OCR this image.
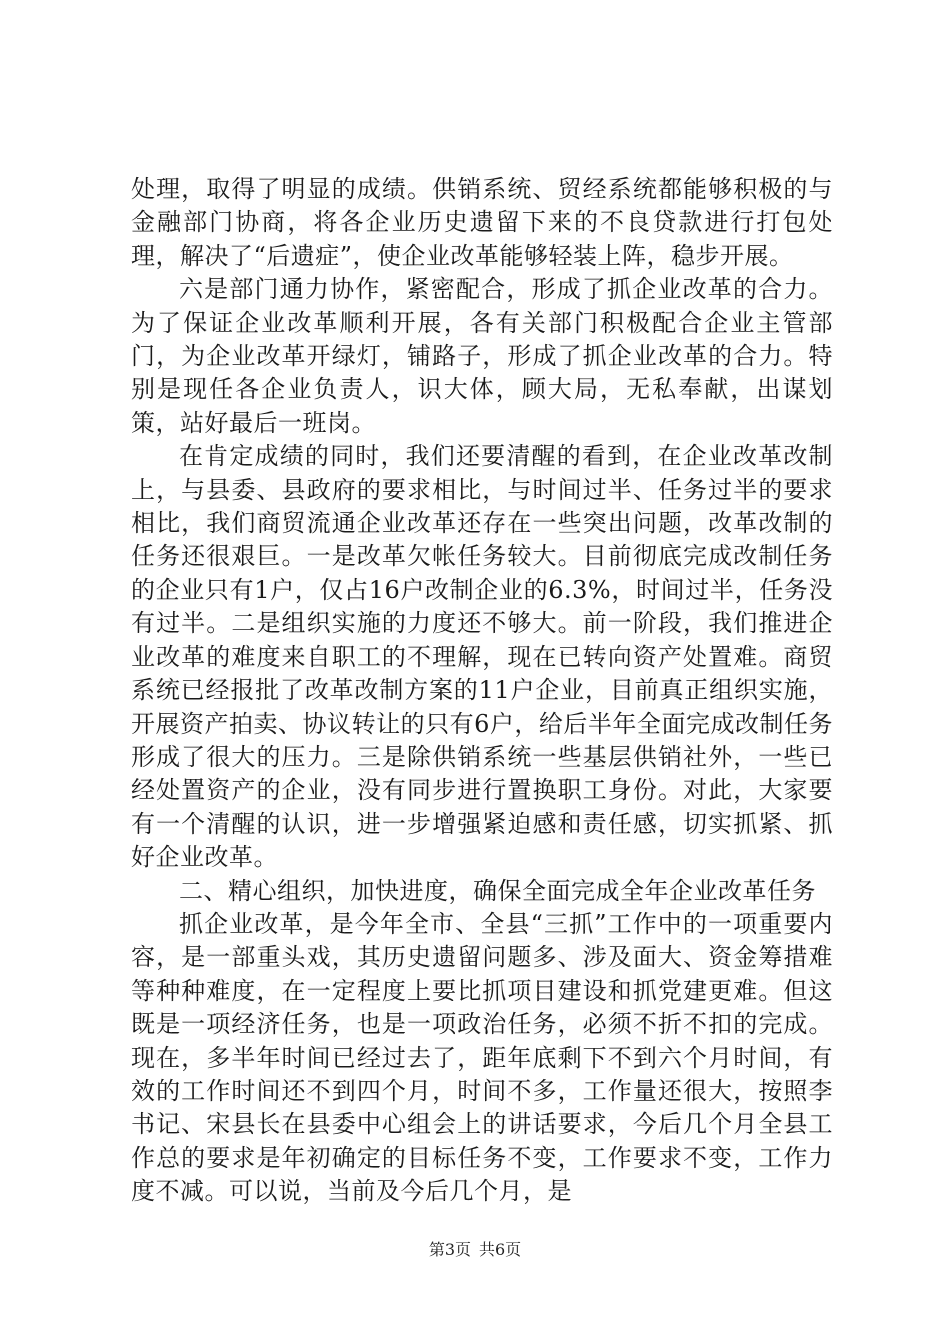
处理，取得了明显的成绩。供销系统、贸经系统都能够积极的与金融部门协商，将各企业历史遗留下来的不良贷款进行打包处理，解决了“后遗症”，使企业改革能够轻装上阵，稳步开展。

六是部门通力协作，紧密配合，形成了抓企业改革的合力。为了保证企业改革顺利开展，各有关部门积极配合企业主管部门，为企业改革开绿灯，铺路子，形成了抓企业改革的合力。特别是现任各企业负责人，识大体，顾大局，无私奉献，出谋划策，站好最后一班岗。

在肯定成绩的同时，我们还要清醒的看到，在企业改革改制上，与县委、县政府的要求相比，与时间过半、任务过半的要求相比，我们商贸流通企业改革还存在一些突出问题，改革改制的任务还很艰巨。一是改革欠帐任务较大。目前彻底完成改制任务的企业只有1户，仅占16户改制企业的6.3%，时间过半，任务没有过半。二是组织实施的力度还不够大。前一阶段，我们推进企业改革的难度来自职工的不理解，现在已转向资产处置难。商贸系统已经报批了改革改制方案的11户企业，目前真正组织实施，开展资产拍卖、协议转让的只有6户，给后半年全面完成改制任务形成了很大的压力。三是除供销系统一些基层供销社外，一些已经处置资产的企业，没有同步进行置换职工身份。对此，大家要有一个清醒的认识，进一步增强紧迫感和责任感，切实抓紧、抓好企业改革。

二、精心组织，加快进度，确保全面完成全年企业改革任务

抓企业改革，是今年全市、全县“三抓”工作中的一项重要内容，是一部重头戏，其历史遗留问题多、涉及面大、资金筹措难等种种难度，在一定程度上要比抓项目建设和抓党建更难。但这既是一项经济任务，也是一项政治任务，必须不折不扣的完成。现在，多半年时间已经过去了，距年底剩下不到六个月时间，有效的工作时间还不到四个月，时间不多，工作量还很大，按照李书记、宋县长在县委中心组会上的讲话要求，今后几个月全县工作总的要求是年初确定的目标任务不变，工作要求不变，工作力度不减。可以说，当前及今后几个月，是

第3页 共6页
